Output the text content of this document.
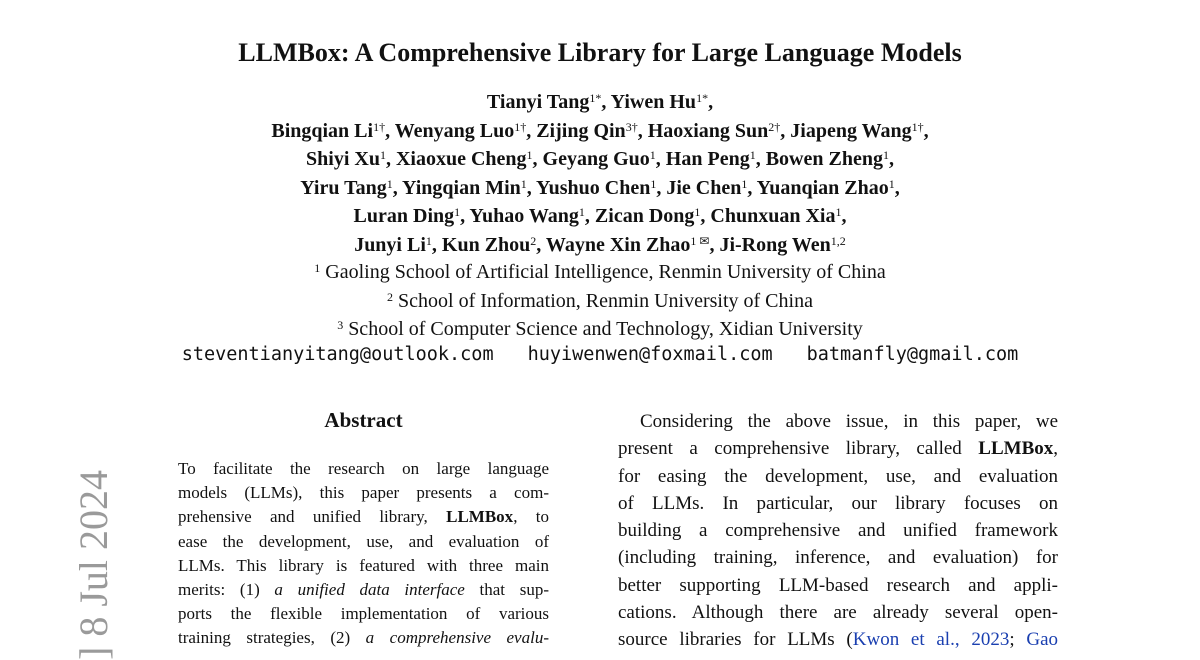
LLMBox: A Comprehensive Library for Large Language Models
Tianyi Tang$^{1*}$, Yiwen $Hu^{1*}$,
Bingqian $Li^{1\dagger}$, Wenyang Luo$^{1\dagger}$, Zijing Qin$^{3\dagger}$, Haoxiang Sun$^{2\dagger}$, Jiapeng Wang$^{1\dagger}$,
Shiyi Xu$^1$, Xiaoxue Cheng$^1$, Geyang Guo$^1$, Han Peng$^1$, Bowen Zheng$^1$,
Yiru Tang$^1$, Yingqian Min$^1$, Yushuo Chen$^1$, Jie Chen$^1$, Yuanqian Zhao$^1$,
Luran Ding$^1$, Yuhao Wang$^1$, Zican Dong$^1$, Chunxuan Xia$^1$,
Junyi Li$^1$, Kun Zhou$^2$, Wayne Xin Zhao$^{1 ✉}$, Ji-Rong Wen$^{1,2}$
$^1$ Gaoling School of Artificial Intelligence, Renmin University of China
$^2$ School of Information, Renmin University of China
$^3$ School of Computer Science and Technology, Xidian University
steventianyitang@outlook.com huyiwenwen@foxmail.com batmanfly@gmail.com
] 8 Jul 2024
Abstract
To facilitate the research on large language
models (LLMs), this paper presents a com-
prehensive and unified library, LLMBox, to
ease the development, use, and evaluation of
LLMs. This library is featured with three main
merits: (1) a unified data interface that sup-
ports the flexible implementation of various
training strategies, (2) a comprehensive evalu-
Considering the above issue, in this paper, we
present a comprehensive library, called LLMBox,
for easing the development, use, and evaluation
of LLMs. In particular, our library focuses on
building a comprehensive and unified framework
(including training, inference, and evaluation) for
better supporting LLM-based research and appli-
cations. Although there are already several open-
source libraries for LLMs (Kwon et al., 2023; Gao
